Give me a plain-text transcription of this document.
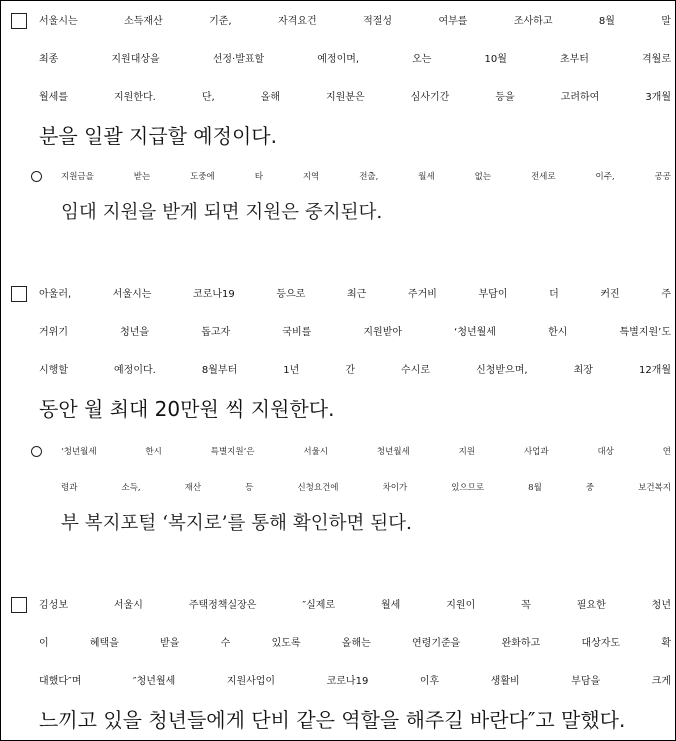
서울시는 소득재산 기준, 자격요건 적절성 여부를 조사하고 8월 말
최종 지원대상을 선정·발표할 예정이며, 오는 10월 초부터 격월로
월세를 지원한다. 단, 올해 지원분은 심사기간 등을 고려하여 3개월
분을 일괄 지급할 예정이다.
지원금을 받는 도중에 타 지역 전출, 월세 없는 전세로 이주, 공공
임대 지원을 받게 되면 지원은 중지된다.
아울러, 서울시는 코로나19 등으로 최근 주거비 부담이 더 커진 주
거위기 청년을 돕고자 국비를 지원받아 ‘청년월세 한시 특별지원’도
시행할 예정이다. 8월부터 1년 간 수시로 신청받으며, 최장 12개월
동안 월 최대 20만원 씩 지원한다.
‘청년월세 한시 특별지원’은 서울시 청년월세 지원 사업과 대상 연
령과 소득, 재산 등 신청요건에 차이가 있으므로 8월 중 보건복지
부 복지포털 ‘복지로’를 통해 확인하면 된다.
김성보 서울시 주택정책실장은 ″실제로 월세 지원이 꼭 필요한 청년
이 혜택을 받을 수 있도록 올해는 연령기준을 완화하고 대상자도 확
대했다″며 ″청년월세 지원사업이 코로나19 이후 생활비 부담을 크게
느끼고 있을 청년들에게 단비 같은 역할을 해주길 바란다″고 말했다.
